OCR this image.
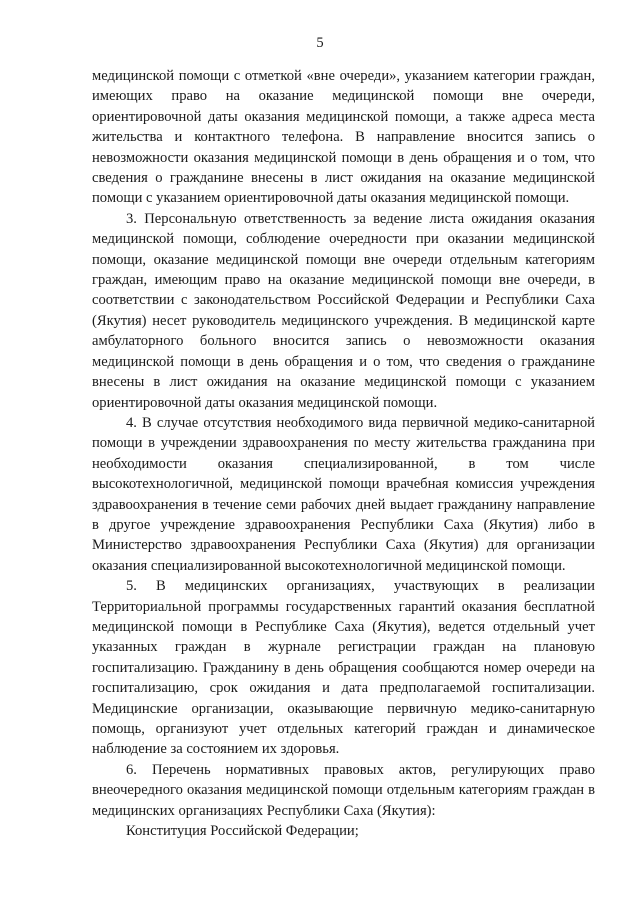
5

медицинской помощи с отметкой «вне очереди», указанием категории граждан, имеющих право на оказание медицинской помощи вне очереди, ориентировочной даты оказания медицинской помощи, а также адреса места жительства и контактного телефона. В направление вносится запись о невозможности оказания медицинской помощи в день обращения и о том, что сведения о гражданине внесены в лист ожидания на оказание медицинской помощи с указанием ориентировочной даты оказания медицинской помощи.

3. Персональную ответственность за ведение листа ожидания оказания медицинской помощи, соблюдение очередности при оказании медицинской помощи, оказание медицинской помощи вне очереди отдельным категориям граждан, имеющим право на оказание медицинской помощи вне очереди, в соответствии с законодательством Российской Федерации и Республики Саха (Якутия) несет руководитель медицинского учреждения. В медицинской карте амбулаторного больного вносится запись о невозможности оказания медицинской помощи в день обращения и о том, что сведения о гражданине внесены в лист ожидания на оказание медицинской помощи с указанием ориентировочной даты оказания медицинской помощи.

4. В случае отсутствия необходимого вида первичной медико-санитарной помощи в учреждении здравоохранения по месту жительства гражданина при необходимости оказания специализированной, в том числе высокотехнологичной, медицинской помощи врачебная комиссия учреждения здравоохранения в течение семи рабочих дней выдает гражданину направление в другое учреждение здравоохранения Республики Саха (Якутия) либо в Министерство здравоохранения Республики Саха (Якутия) для организации оказания специализированной высокотехнологичной медицинской помощи.

5. В медицинских организациях, участвующих в реализации Территориальной программы государственных гарантий оказания бесплатной медицинской помощи в Республике Саха (Якутия), ведется отдельный учет указанных граждан в журнале регистрации граждан на плановую госпитализацию. Гражданину в день обращения сообщаются номер очереди на госпитализацию, срок ожидания и дата предполагаемой госпитализации. Медицинские организации, оказывающие первичную медико-санитарную помощь, организуют учет отдельных категорий граждан и динамическое наблюдение за состоянием их здоровья.

6. Перечень нормативных правовых актов, регулирующих право внеочередного оказания медицинской помощи отдельным категориям граждан в медицинских организациях Республики Саха (Якутия):

Конституция Российской Федерации;
